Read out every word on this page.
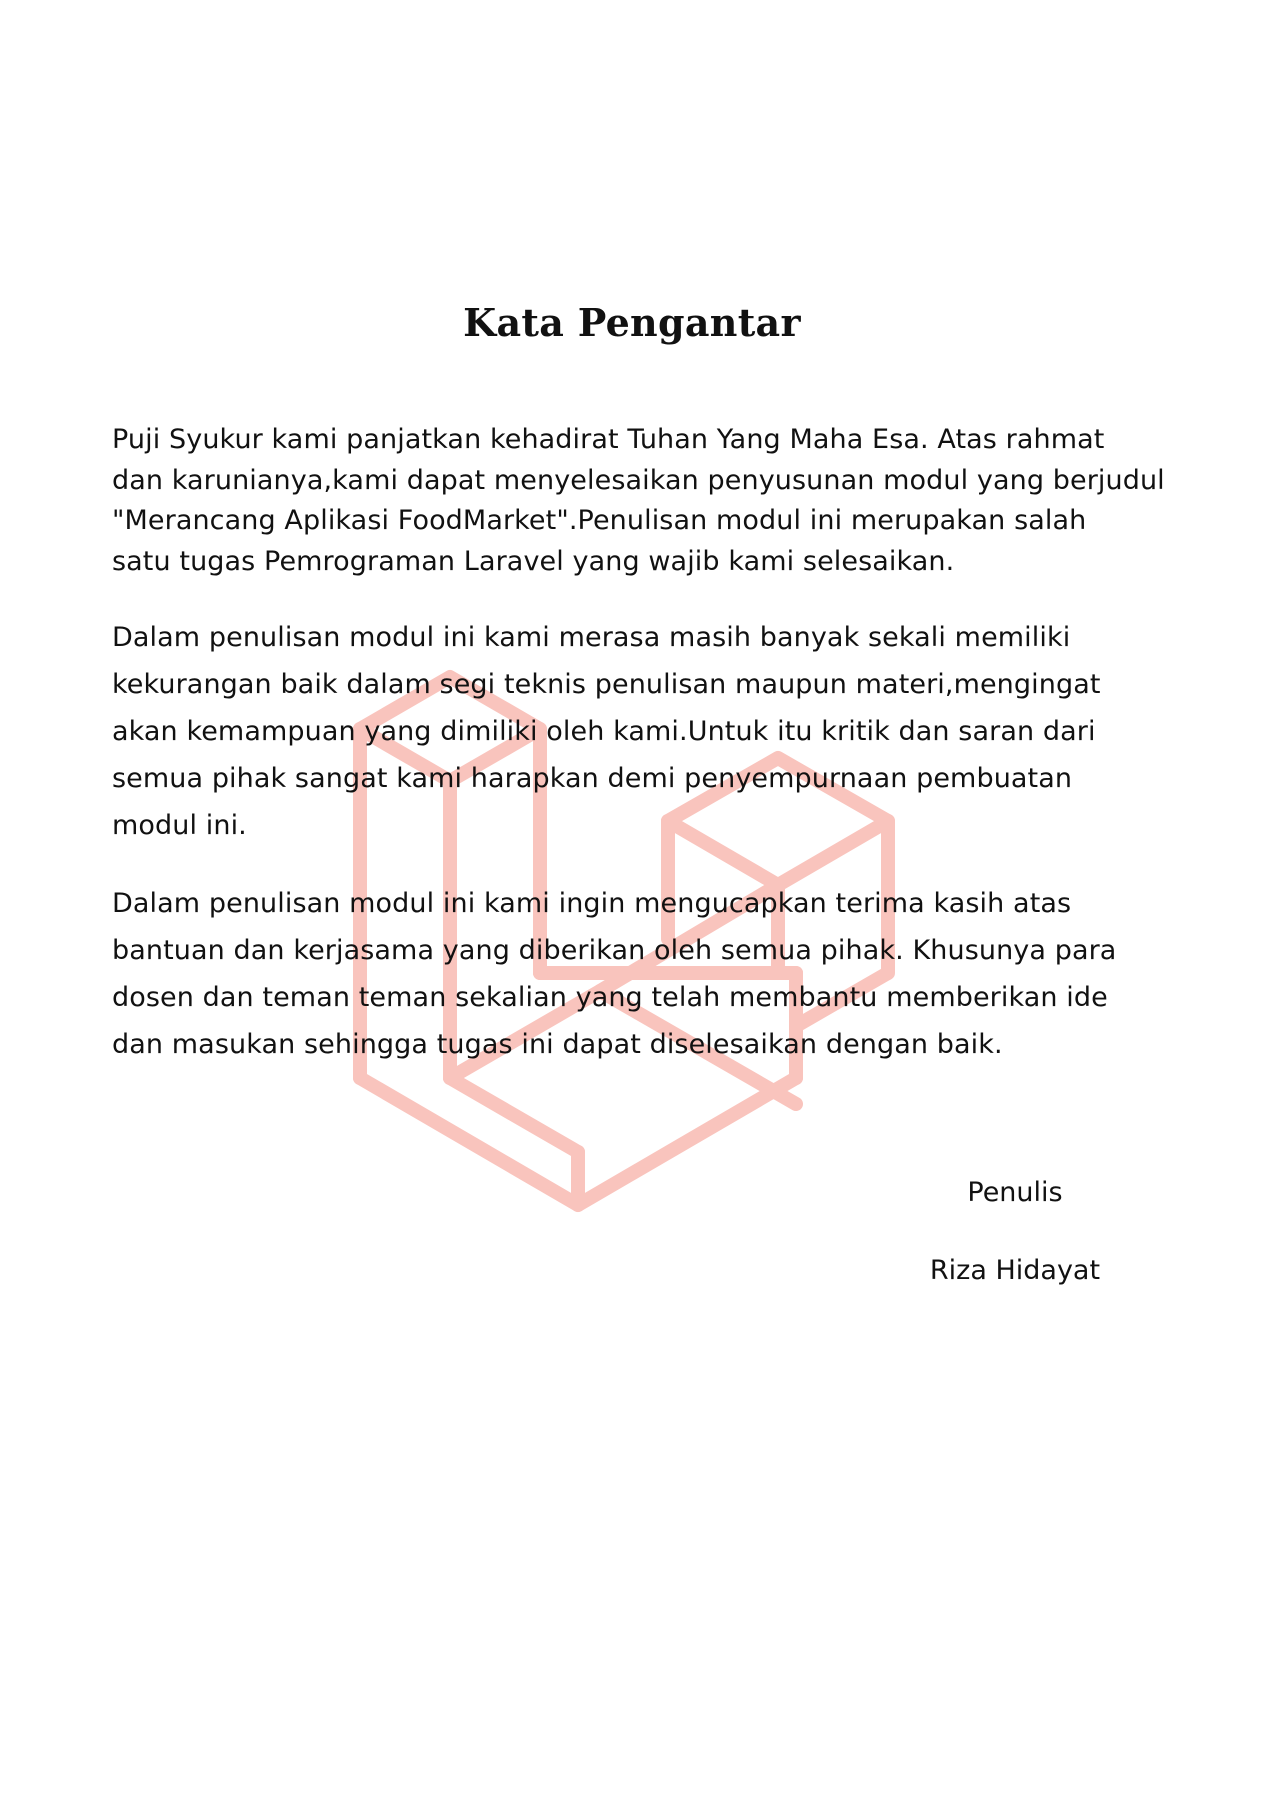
Kata Pengantar

Puji Syukur kami panjatkan kehadirat Tuhan Yang Maha Esa. Atas rahmat
dan karunianya,kami dapat menyelesaikan penyusunan modul yang berjudul
"Merancang Aplikasi FoodMarket".Penulisan modul ini merupakan salah
satu tugas Pemrograman Laravel yang wajib kami selesaikan.

Dalam penulisan modul ini kami merasa masih banyak sekali memiliki
kekurangan baik dalam segi teknis penulisan maupun materi,mengingat
akan kemampuan yang dimiliki oleh kami.Untuk itu kritik dan saran dari
semua pihak sangat kami harapkan demi penyempurnaan pembuatan
modul ini.

Dalam penulisan modul ini kami ingin mengucapkan terima kasih atas
bantuan dan kerjasama yang diberikan oleh semua pihak. Khusunya para
dosen dan teman teman sekalian yang telah membantu memberikan ide
dan masukan sehingga tugas ini dapat diselesaikan dengan baik.

Penulis
Riza Hidayat
